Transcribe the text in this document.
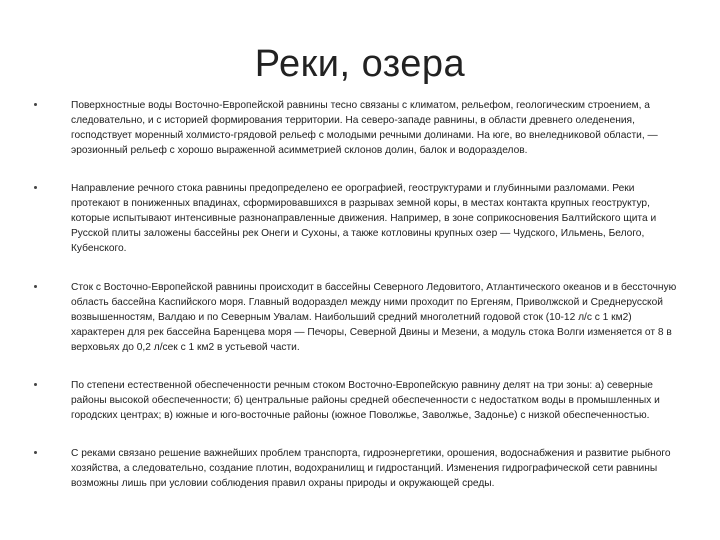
Реки, озера
Поверхностные воды Восточно-Европейской равнины тесно связаны с климатом, рельефом, геологическим строением, а следовательно, и с историей формирования территории. На северо-западе равнины, в области древнего оледенения, господствует моренный холмисто-грядовой рельеф с молодыми речными долинами. На юге, во внеледниковой области, — эрозионный рельеф с хорошо выраженной асимметрией склонов долин, балок и водоразделов.
Направление речного стока равнины предопределено ее орографией, геоструктурами и глубинными разломами. Реки протекают в пониженных впадинах, сформировавшихся в разрывах земной коры, в местах контакта крупных геоструктур, которые испытывают интенсивные разнонаправленные движения. Например, в зоне соприкосновения Балтийского щита и Русской плиты заложены бассейны рек Онеги и Сухоны, а также котловины крупных озер — Чудского, Ильмень, Белого, Кубенского.
Сток с Восточно-Европейской равнины происходит в бассейны Северного Ледовитого, Атлантического океанов и в бессточную область бассейна Каспийского моря. Главный водораздел между ними проходит по Ергеням, Приволжской и Среднерусской возвышенностям, Валдаю и по Северным Увалам. Наибольший средний многолетний годовой сток (10-12 л/с с 1 км2) характерен для рек бассейна Баренцева моря — Печоры, Северной Двины и Мезени, а модуль стока Волги изменяется от 8 в верховьях до 0,2 л/сек с 1 км2 в устьевой части.
По степени естественной обеспеченности речным стоком Восточно-Европейскую равнину делят на три зоны: а) северные районы высокой обеспеченности; б) центральные районы средней обеспеченности с недостатком воды в промышленных и городских центрах; в) южные и юго-восточные районы (южное Поволжье, Заволжье, Задонье) с низкой обеспеченностью.
С реками связано решение важнейших проблем транспорта, гидроэнергетики, орошения, водоснабжения и развитие рыбного хозяйства, а следовательно, создание плотин, водохранилищ и гидростанций. Изменения гидрографической сети равнины возможны лишь при условии соблюдения правил охраны природы и окружающей среды.
